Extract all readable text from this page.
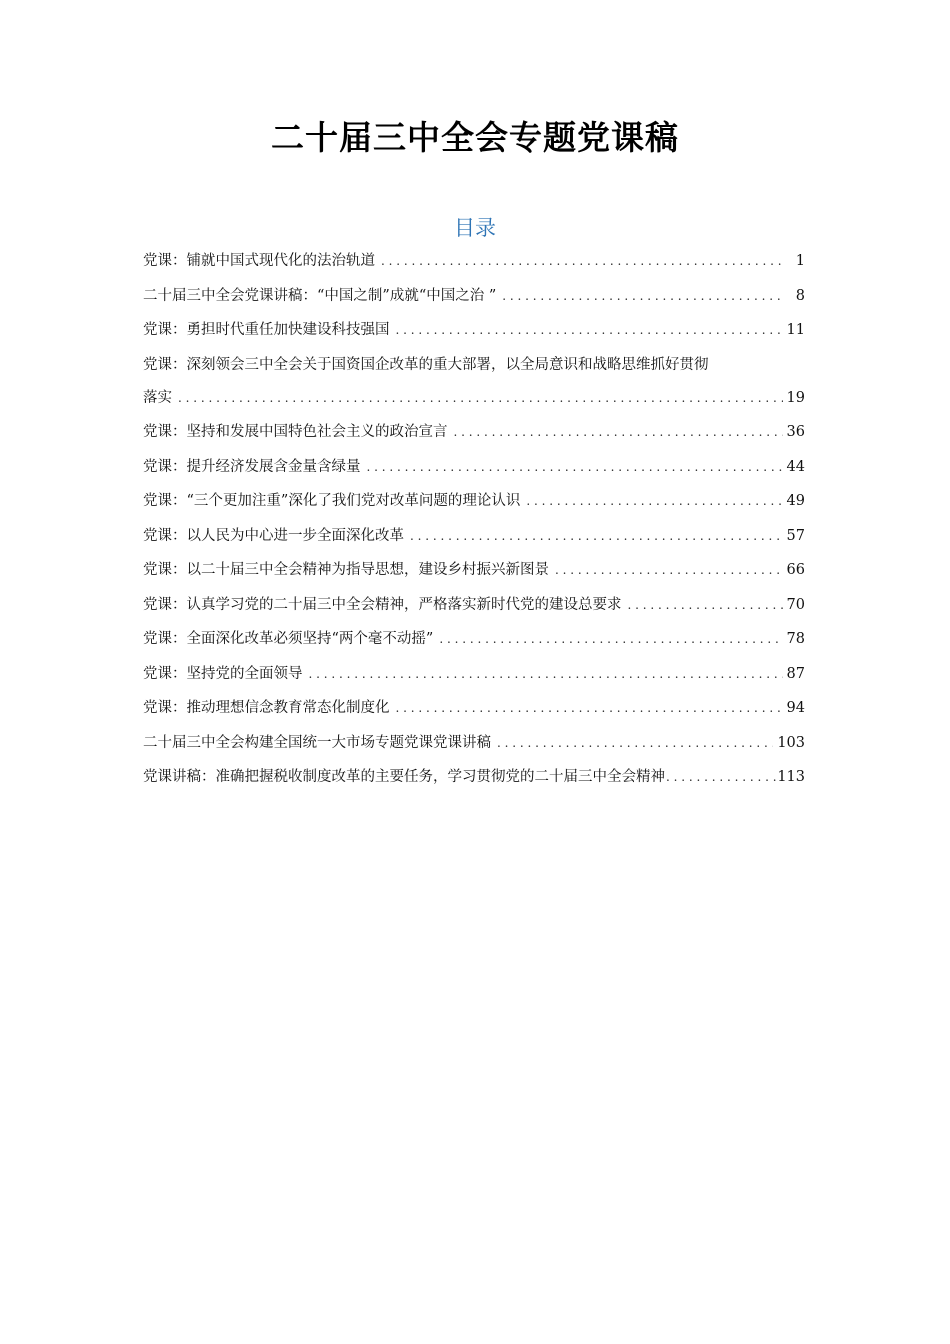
二十届三中全会专题党课稿
目录
党课：铺就中国式现代化的法治轨道 . . .	1
二十届三中全会党课讲稿：“中国之制”成就“中国之治 ” . . .	8
党课：勇担时代重任加快建设科技强国 . . .	11
党课：深刻领会三中全会关于国资国企改革的重大部署，以全局意识和战略思维抓好贯彻
落实 . . .	19
党课：坚持和发展中国特色社会主义的政治宣言 . . .	36
党课：提升经济发展含金量含绿量 . . .	44
党课：“三个更加注重”深化了我们党对改革问题的理论认识 . . .	49
党课：以人民为中心进一步全面深化改革 . . .	57
党课：以二十届三中全会精神为指导思想，建设乡村振兴新图景 . . .	66
党课：认真学习党的二十届三中全会精神，严格落实新时代党的建设总要求 . . .	70
党课：全面深化改革必须坚持“两个毫不动摇” . . .	78
党课：坚持党的全面领导 . . .	87
党课：推动理想信念教育常态化制度化 . . .	94
二十届三中全会构建全国统一大市场专题党课党课讲稿 . . .	103
党课讲稿：准确把握税收制度改革的主要任务，学习贯彻党的二十届三中全会精神 . . .	113
